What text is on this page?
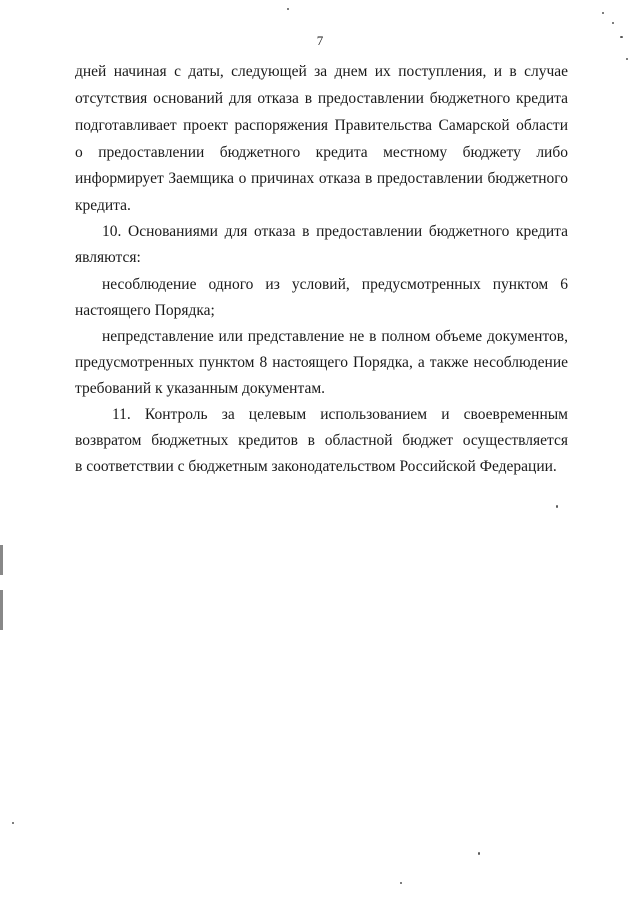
7
дней начиная с даты, следующей за днем их поступления, и в случае
отсутствия оснований для отказа в предоставлении бюджетного кредита
подготавливает проект распоряжения Правительства Самарской области
о предоставлении бюджетного кредита местному бюджету либо
информирует Заемщика о причинах отказа в предоставлении бюджетного
кредита.
10. Основаниями для отказа в предоставлении бюджетного кредита
являются:
несоблюдение одного из условий, предусмотренных пунктом 6
настоящего Порядка;
непредставление или представление не в полном объеме документов,
предусмотренных пунктом 8 настоящего Порядка, а также несоблюдение
требований к указанным документам.
11. Контроль за целевым использованием и своевременным
возвратом бюджетных кредитов в областной бюджет осуществляется
в соответствии с бюджетным законодательством Российской Федерации.
